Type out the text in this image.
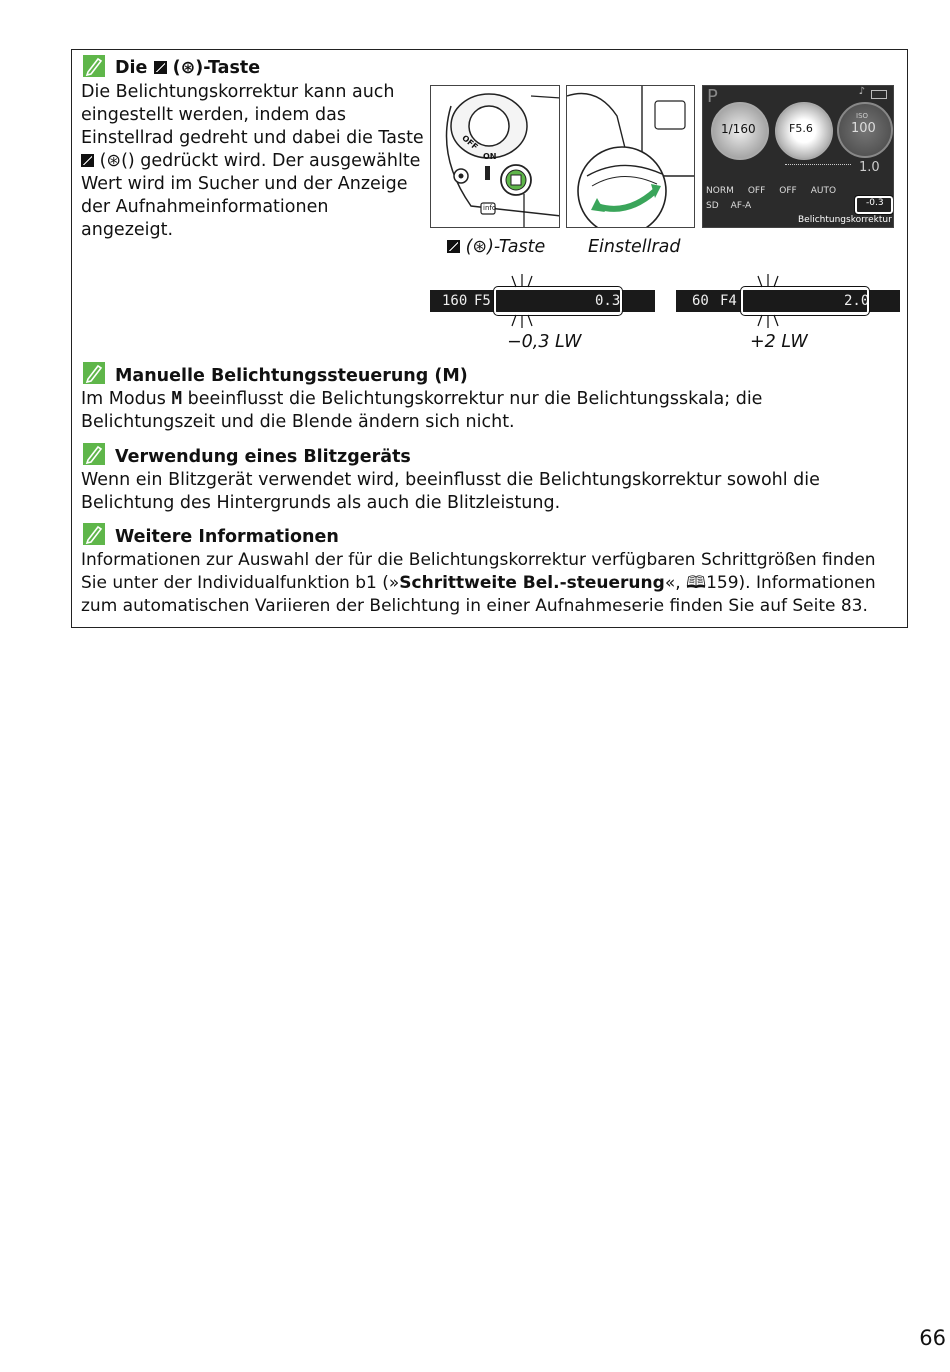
Die (⊛)-Taste
Die Belichtungskorrektur kann auch eingestellt werden, indem das Einstellrad gedreht und dabei die Taste  (⊛() gedrückt wird. Der ausgewählte Wert wird im Sucher und der Anzeige der Aufnahmeinformationen angezeigt.
OFF
ON
info
P	♪
1/160	F5.6
ISO
100
1.0
NORM OFF OFF AUTO
SD AF-A	-0.3
Belichtungskorrektur
(⊛)-Taste Einstellrad
160 F5.	0.3
−0,3 LW
60 F4	2.0
+2 LW
Manuelle Belichtungssteuerung (M)
Im Modus M beeinflusst die Belichtungskorrektur nur die Belichtungsskala; die Belichtungszeit und die Blende ändern sich nicht.
Verwendung eines Blitzgeräts
Wenn ein Blitzgerät verwendet wird, beeinflusst die Belichtungskorrektur sowohl die Belichtung des Hintergrunds als auch die Blitzleistung.
Weitere Informationen
Informationen zur Auswahl der für die Belichtungskorrektur verfügbaren Schrittgrößen finden Sie unter der Individualfunktion b1 (»Schrittweite Bel.-steuerung«, 🕮159). Informationen zum automatischen Variieren der Belichtung in einer Aufnahmeserie finden Sie auf Seite 83.
66
